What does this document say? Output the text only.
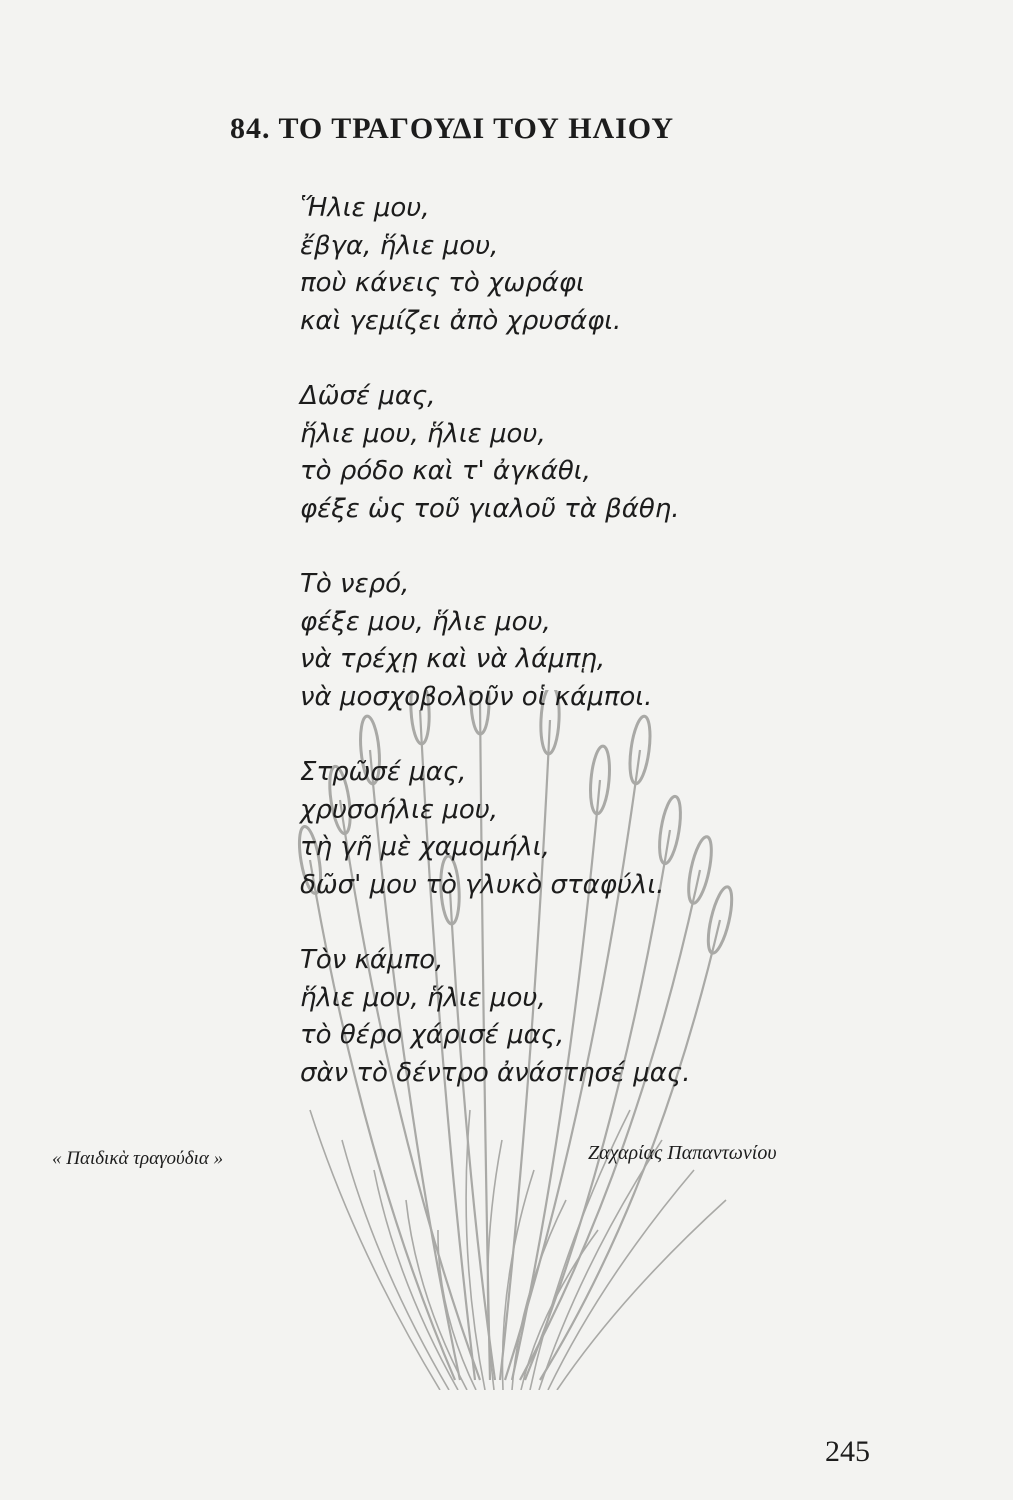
84. ΤΟ ΤΡΑΓΟΥΔΙ ΤΟΥ ΗΛΙΟΥ
Ἥλιε μου,
ἔβγα, ἥλιε μου,
ποὺ κάνεις τὸ χωράφι
καὶ γεμίζει ἀπὸ χρυσάφι.
Δῶσέ μας,
ἥλιε μου, ἥλιε μου,
τὸ ρόδο καὶ τ' ἀγκάθι,
φέξε ὡς τοῦ γιαλοῦ τὰ βάθη.
Τὸ νερό,
φέξε μου, ἥλιε μου,
νὰ τρέχῃ καὶ νὰ λάμπῃ,
νὰ μοσχοβολοῦν οἱ κάμποι.
Στρῶσέ μας,
χρυσοήλιε μου,
τὴ γῆ μὲ χαμομήλι,
δῶσ' μου τὸ γλυκὸ σταφύλι.
Τὸν κάμπο,
ἥλιε μου, ἥλιε μου,
τὸ θέρο χάρισέ μας,
σὰν τὸ δέντρο ἀνάστησέ μας.
« Παιδικὰ τραγούδια »	Ζαχαρίας Παπαντωνίου
245
